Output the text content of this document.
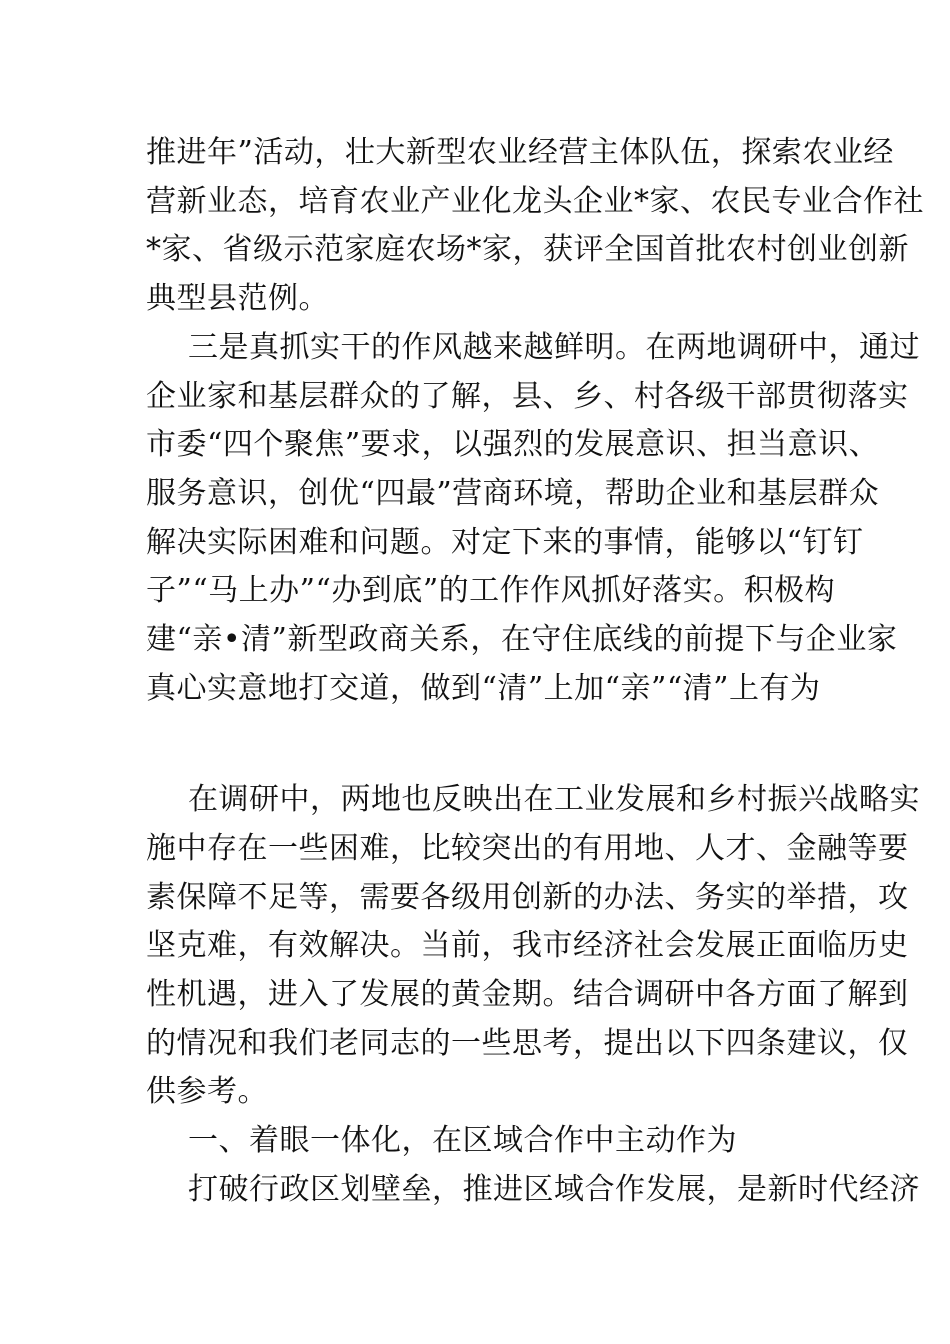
推进年”活动，壮大新型农业经营主体队伍，探索农业经
营新业态，培育农业产业化龙头企业*家、农民专业合作社
*家、省级示范家庭农场*家，获评全国首批农村创业创新
典型县范例。
三是真抓实干的作风越来越鲜明。在两地调研中，通过
企业家和基层群众的了解，县、乡、村各级干部贯彻落实
市委“四个聚焦”要求，以强烈的发展意识、担当意识、
服务意识，创优“四最”营商环境，帮助企业和基层群众
解决实际困难和问题。对定下来的事情，能够以“钉钉
子”“马上办”“办到底”的工作作风抓好落实。积极构
建“亲•清”新型政商关系，在守住底线的前提下与企业家
真心实意地打交道，做到“清”上加“亲”“清”上有为
在调研中，两地也反映出在工业发展和乡村振兴战略实
施中存在一些困难，比较突出的有用地、人才、金融等要
素保障不足等，需要各级用创新的办法、务实的举措，攻
坚克难，有效解决。当前，我市经济社会发展正面临历史
性机遇，进入了发展的黄金期。结合调研中各方面了解到
的情况和我们老同志的一些思考，提出以下四条建议，仅
供参考。
一、着眼一体化，在区域合作中主动作为
打破行政区划壁垒，推进区域合作发展，是新时代经济
